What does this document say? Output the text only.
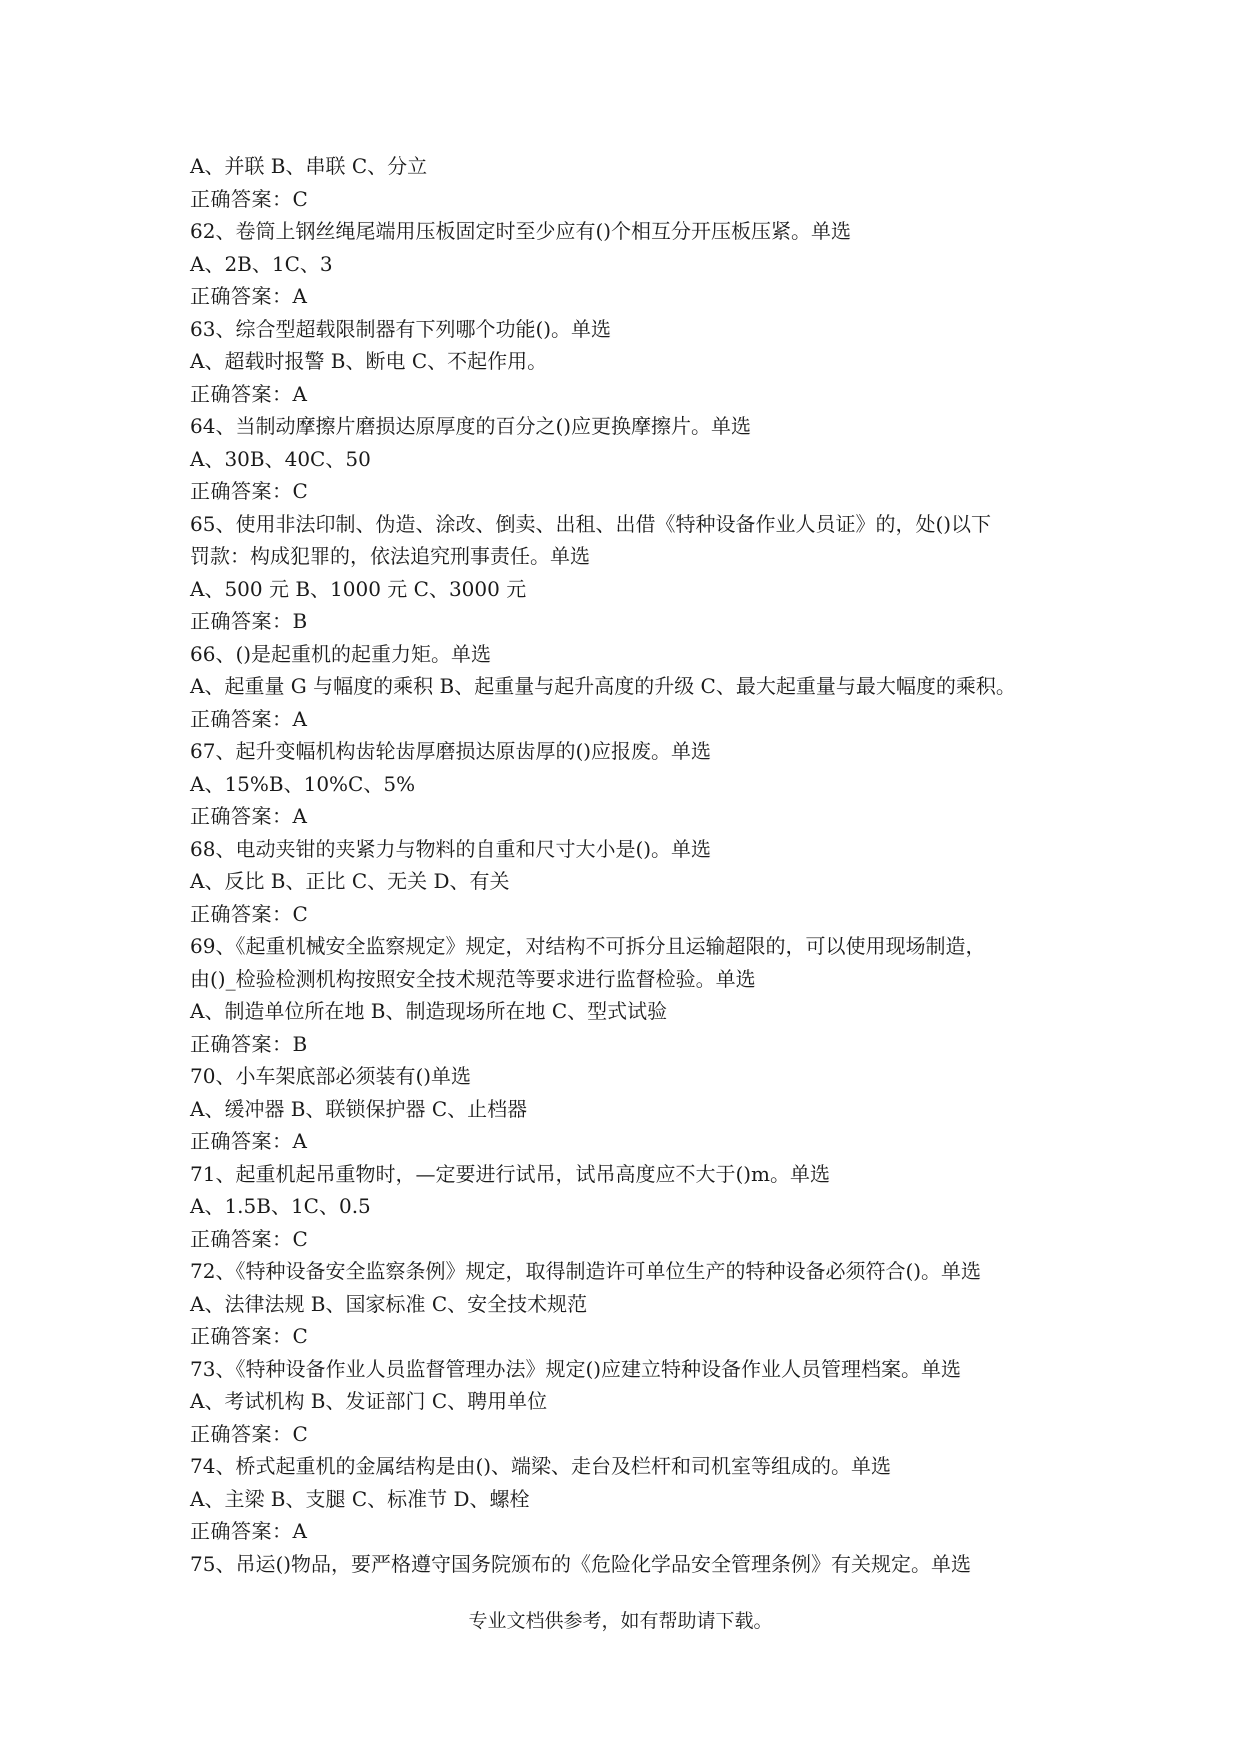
A、并联 B、串联 C、分立
正确答案：C
62、卷筒上钢丝绳尾端用压板固定时至少应有()个相互分开压板压紧。单选
A、2B、1C、3
正确答案：A
63、综合型超载限制器有下列哪个功能()。单选
A、超载时报警 B、断电 C、不起作用。
正确答案：A
64、当制动摩擦片磨损达原厚度的百分之()应更换摩擦片。单选
A、30B、40C、50
正确答案：C
65、使用非法印制、伪造、涂改、倒卖、出租、出借《特种设备作业人员证》的，处()以下
罚款：构成犯罪的，依法追究刑事责任。单选
A、500 元 B、1000 元 C、3000 元
正确答案：B
66、()是起重机的起重力矩。单选
A、起重量 G 与幅度的乘积 B、起重量与起升高度的升级 C、最大起重量与最大幅度的乘积。
正确答案：A
67、起升变幅机构齿轮齿厚磨损达原齿厚的()应报废。单选
A、15%B、10%C、5%
正确答案：A
68、电动夹钳的夹紧力与物料的自重和尺寸大小是()。单选
A、反比 B、正比 C、无关 D、有关
正确答案：C
69、《起重机械安全监察规定》规定，对结构不可拆分且运输超限的，可以使用现场制造，
由()_检验检测机构按照安全技术规范等要求进行监督检验。单选
A、制造单位所在地 B、制造现场所在地 C、型式试验
正确答案：B
70、小车架底部必须装有()单选
A、缓冲器 B、联锁保护器 C、止档器
正确答案：A
71、起重机起吊重物时，—定要进行试吊，试吊高度应不大于()m。单选
A、1.5B、1C、0.5
正确答案：C
72、《特种设备安全监察条例》规定，取得制造许可单位生产的特种设备必须符合()。单选
A、法律法规 B、国家标准 C、安全技术规范
正确答案：C
73、《特种设备作业人员监督管理办法》规定()应建立特种设备作业人员管理档案。单选
A、考试机构 B、发证部门 C、聘用单位
正确答案：C
74、桥式起重机的金属结构是由()、端梁、走台及栏杆和司机室等组成的。单选
A、主梁 B、支腿 C、标准节 D、螺栓
正确答案：A
75、吊运()物品，要严格遵守国务院颁布的《危险化学品安全管理条例》有关规定。单选
专业文档供参考，如有帮助请下载。
